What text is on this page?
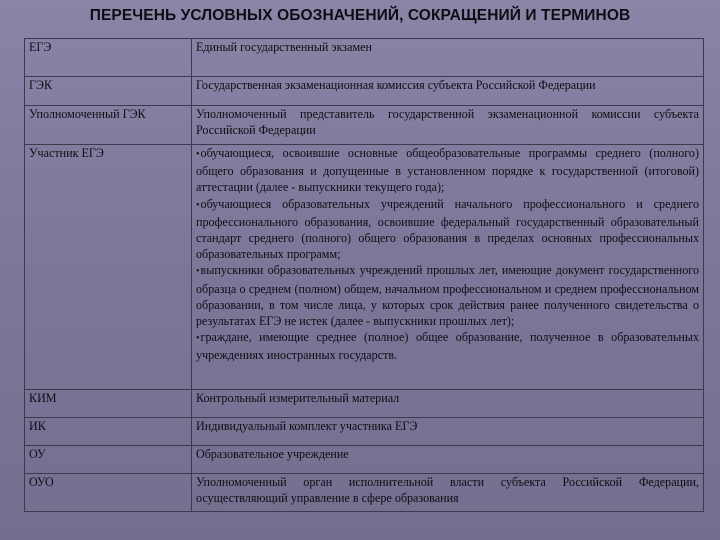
ПЕРЕЧЕНЬ УСЛОВНЫХ ОБОЗНАЧЕНИЙ, СОКРАЩЕНИЙ И ТЕРМИНОВ
ЕГЭ	Единый государственный экзамен
ГЭК	Государственная экзаменационная комиссия субъекта Российской Федерации
Уполномоченный ГЭК	Уполномоченный представитель государственной экзаменационной комиссии субъекта Российской Федерации
Участник ЕГЭ	•обучающиеся, освоившие основные общеобразовательные программы среднего (полного) общего образования и допущенные в установленном порядке к государственной (итоговой) аттестации (далее - выпускники текущего года);
•обучающиеся образовательных учреждений начального профессионального и среднего профессионального образования, освоившие федеральный государственный образовательный стандарт среднего (полного) общего образования в пределах основных профессиональных образовательных программ;
•выпускники образовательных учреждений прошлых лет, имеющие документ государственного образца о среднем (полном) общем, начальном профессиональном и среднем профессиональном образовании, в том числе лица, у которых срок действия ранее полученного свидетельства о результатах ЕГЭ не истек (далее - выпускники прошлых лет);
•граждане, имеющие среднее (полное) общее образование, полученное в образовательных учреждениях иностранных государств.

КИМ	Контрольный измерительный материал
ИК	Индивидуальный комплект участника ЕГЭ
ОУ	Образовательное учреждение
ОУО	Уполномоченный орган исполнительной власти субъекта Российской Федерации, осуществляющий управление в сфере образования
